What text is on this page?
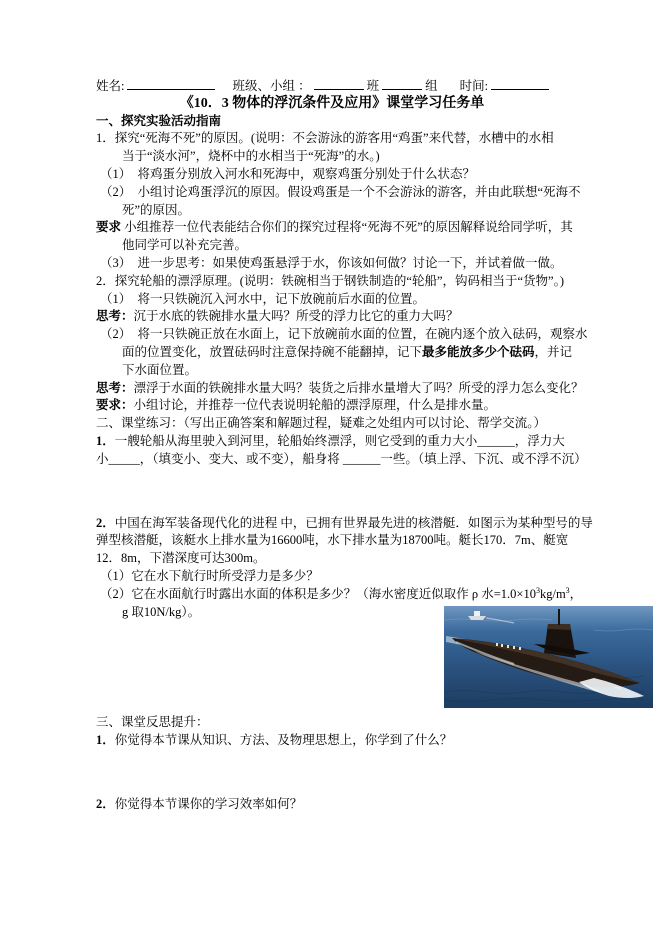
姓名:	班级、小组 ：	班	组 时间:
《10．3 物体的浮沉条件及应用》课堂学习任务单
一、探究实验活动指南
1．探究“死海不死”的原因。(说明：不会游泳的游客用“鸡蛋”来代替，水槽中的水相
当于“淡水河”，烧杯中的水相当于“死海”的水。)
（1）　将鸡蛋分别放入河水和死海中，观察鸡蛋分别处于什么状态？
（2）　小组讨论鸡蛋浮沉的原因。假设鸡蛋是一个不会游泳的游客，并由此联想“死海不
死”的原因。
要求 小组推荐一位代表能结合你们的探究过程将“死海不死”的原因解释说给同学听，其
他同学可以补充完善。
（3）　进一步思考：如果使鸡蛋悬浮于水，你该如何做？讨论一下，并试着做一做。
2．探究轮船的漂浮原理。(说明：铁碗相当于钢铁制造的“轮船”，钩码相当于“货物”。)
（1）　将一只铁碗沉入河水中，记下放碗前后水面的位置。
思考：沉于水底的铁碗排水量大吗？所受的浮力比它的重力大吗？
（2）　将一只铁碗正放在水面上，记下放碗前水面的位置，在碗内逐个放入砝码，观察水
面的位置变化，放置砝码时注意保持碗不能翻掉，记下最多能放多少个砝码，并记
下水面位置。
思考：漂浮于水面的铁碗排水量大吗？装货之后排水量增大了吗？所受的浮力怎么变化？
要求：小组讨论，并推荐一位代表说明轮船的漂浮原理，什么是排水量。
二、课堂练习：（写出正确答案和解题过程，疑难之处组内可以讨论、帮学交流。）
1．一艘轮船从海里驶入到河里，轮船始终漂浮，则它受到的重力大小______，浮力大
小_____，（填变小、变大、或不变），船身将 ______一些。（填上浮、下沉、或不浮不沉）
2．中国在海军装备现代化的进程 中，已拥有世界最先进的核潜艇．如图示为某种型号的导
弹型核潜艇，该艇水上排水量为16600吨，水下排水量为18700吨。艇长170．7m、艇宽
12．8m，下潜深度可达300m。
（1）它在水下航行时所受浮力是多少？
（2）它在水面航行时露出水面的体积是多少？（海水密度近似取作 ρ 水$=1.0\times 10^3kg/m^3$，
g 取10N/kg）。
三、课堂反思提升：
1．你觉得本节课从知识、方法、及物理思想上，你学到了什么？
2．你觉得本节课你的学习效率如何？
